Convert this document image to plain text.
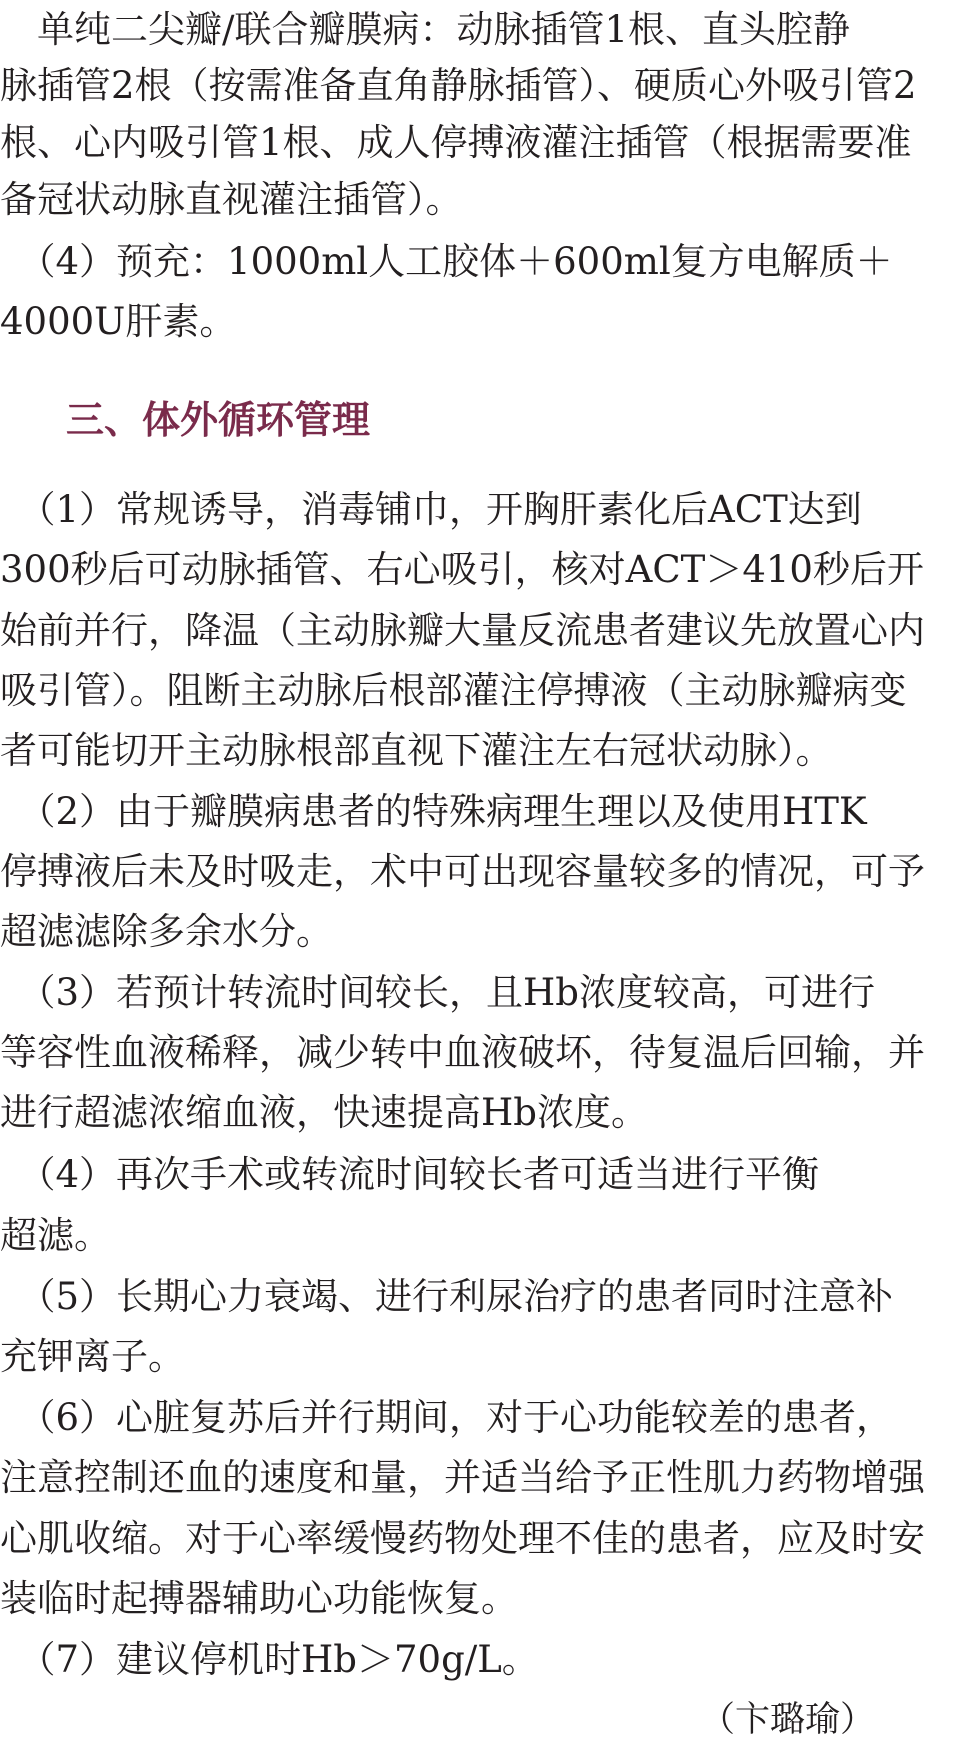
　单纯二尖瓣/联合瓣膜病：动脉插管1根、直头腔静
脉插管2根（按需准备直角静脉插管）、硬质心外吸引管2
根、心内吸引管1根、成人停搏液灌注插管（根据需要准
备冠状动脉直视灌注插管）。
　（4）预充：1000ml人工胶体＋600ml复方电解质＋
4000U肝素。
三、体外循环管理
　（1）常规诱导，消毒铺巾，开胸肝素化后ACT达到
300秒后可动脉插管、右心吸引，核对ACT＞410秒后开
始前并行，降温（主动脉瓣大量反流患者建议先放置心内
吸引管）。阻断主动脉后根部灌注停搏液（主动脉瓣病变
者可能切开主动脉根部直视下灌注左右冠状动脉）。
　（2）由于瓣膜病患者的特殊病理生理以及使用HTK
停搏液后未及时吸走，术中可出现容量较多的情况，可予
超滤滤除多余水分。
　（3）若预计转流时间较长，且Hb浓度较高，可进行
等容性血液稀释，减少转中血液破坏，待复温后回输，并
进行超滤浓缩血液，快速提高Hb浓度。
　（4）再次手术或转流时间较长者可适当进行平衡
超滤。
　（5）长期心力衰竭、进行利尿治疗的患者同时注意补
充钾离子。
　（6）心脏复苏后并行期间，对于心功能较差的患者，
注意控制还血的速度和量，并适当给予正性肌力药物增强
心肌收缩。对于心率缓慢药物处理不佳的患者，应及时安
装临时起搏器辅助心功能恢复。
　（7）建议停机时Hb＞70g/L。
（卞璐瑜）
